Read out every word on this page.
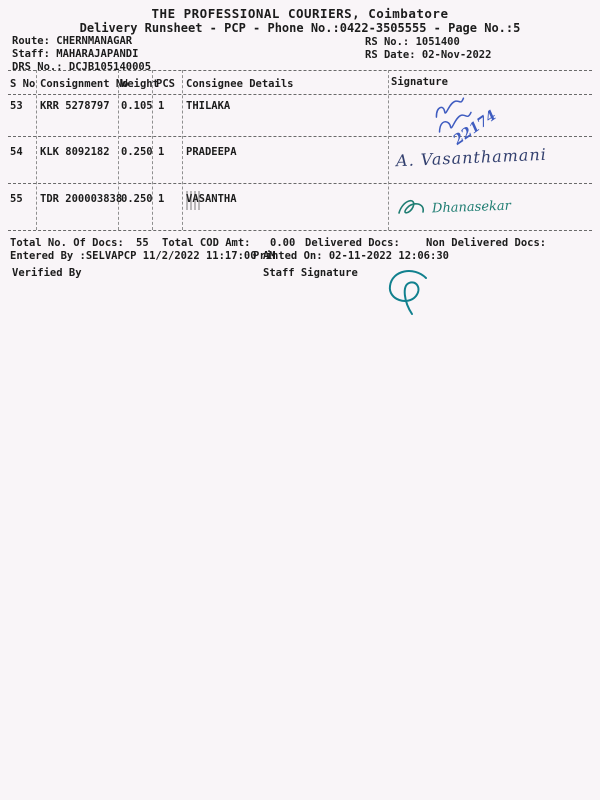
THE PROFESSIONAL COURIERS, Coimbatore
Delivery Runsheet - PCP - Phone No.:0422-3505555 - Page No.:5
Route: CHERNMANAGAR
Staff: MAHARAJAPANDI
DRS No.: DCJB105140005
RS No.: 1051400
RS Date: 02-Nov-2022
S No Consignment No
Weight
PCS Consignee Details	Signature
53 KRR 5278797 0.105 1 THILAKA
54 KLK 8092182 0.250 1 PRADEEPA
55 TDR 200003838
0.250 1 VASANTHA
22174
A. Vasanthamani
Dhanasekar
Total No. Of Docs: 55 Total COD Amt: 0.00 Delivered Docs: Non Delivered Docs:
Entered By :SELVAPCP 11/2/2022 11:17:00 AM
Printed On: 02-11-2022 12:06:30
Verified By	Staff Signature
